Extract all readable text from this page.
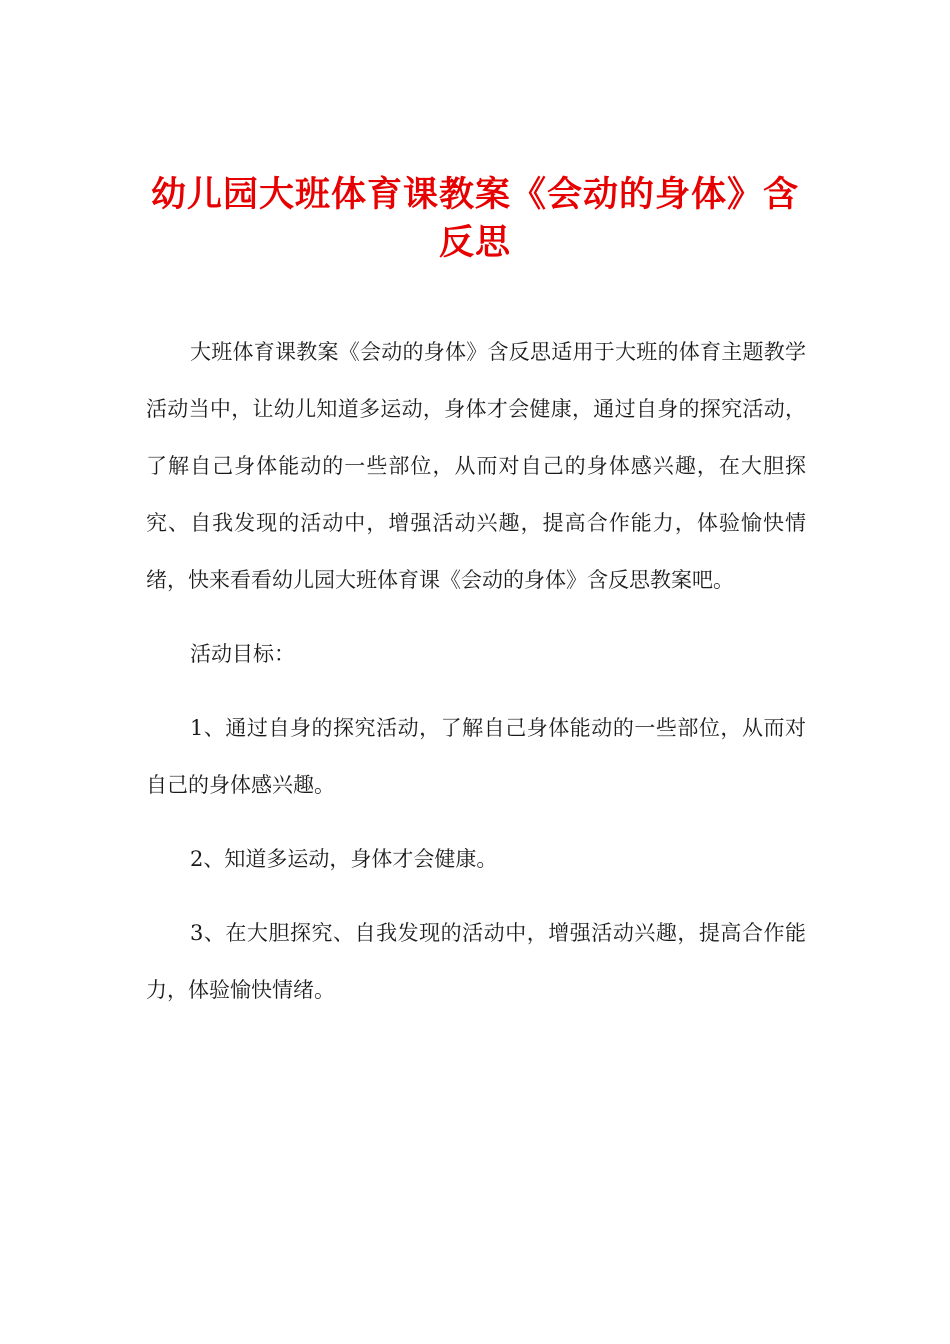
幼儿园大班体育课教案《会动的身体》含反思

大班体育课教案《会动的身体》含反思适用于大班的体育主题教学活动当中，让幼儿知道多运动，身体才会健康，通过自身的探究活动，了解自己身体能动的一些部位，从而对自己的身体感兴趣，在大胆探究、自我发现的活动中，增强活动兴趣，提高合作能力，体验愉快情绪，快来看看幼儿园大班体育课《会动的身体》含反思教案吧。

活动目标：

1、通过自身的探究活动，了解自己身体能动的一些部位，从而对自己的身体感兴趣。

2、知道多运动，身体才会健康。

3、在大胆探究、自我发现的活动中，增强活动兴趣，提高合作能力，体验愉快情绪。
